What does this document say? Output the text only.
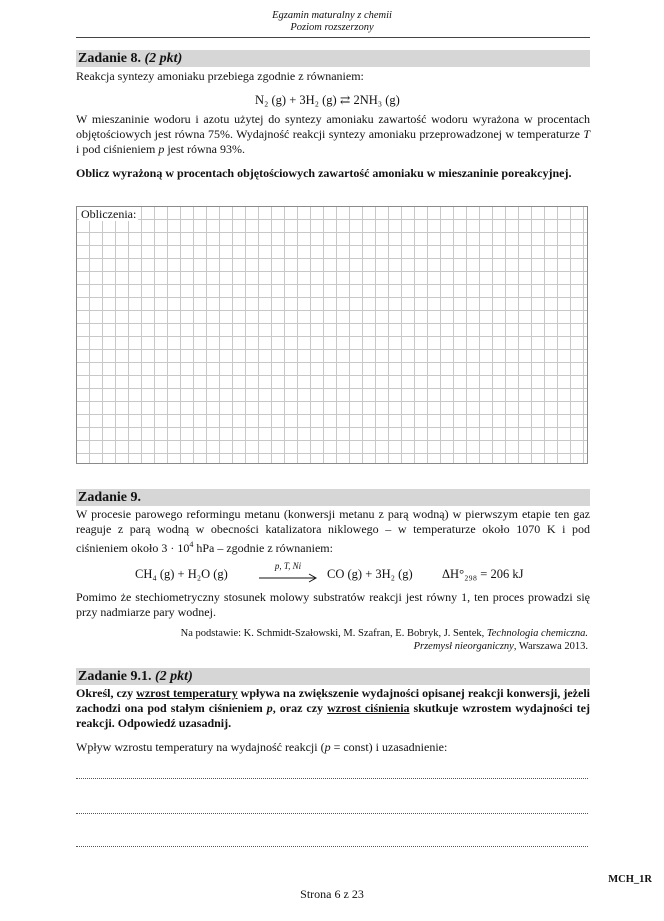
Egzamin maturalny z chemii
Poziom rozszerzony
Zadanie 8. (2 pkt)
Reakcja syntezy amoniaku przebiega zgodnie z równaniem:
N₂ (g) + 3H₂ (g) ⇄ 2NH₃ (g)
W mieszaninie wodoru i azotu użytej do syntezy amoniaku zawartość wodoru wyrażona w procentach objętościowych jest równa 75%. Wydajność reakcji syntezy amoniaku przeprowadzonej w temperaturze T i pod ciśnieniem p jest równa 93%.
Oblicz wyrażoną w procentach objętościowych zawartość amoniaku w mieszaninie poreakcyjnej.
Obliczenia:
Zadanie 9.
W procesie parowego reformingu metanu (konwersji metanu z parą wodną) w pierwszym etapie ten gaz reaguje z parą wodną w obecności katalizatora niklowego – w temperaturze około 1070 K i pod ciśnieniem około $3 \cdot 10^4$ hPa – zgodnie z równaniem:
CH₄ (g) + H₂O (g)
p, T, Ni
CO (g) + 3H₂ (g) ΔH°₂₉₈ = 206 kJ
Pomimo że stechiometryczny stosunek molowy substratów reakcji jest równy 1, ten proces prowadzi się przy nadmiarze pary wodnej.
Na podstawie: K. Schmidt-Szałowski, M. Szafran, E. Bobryk, J. Sentek, Technologia chemiczna.
Przemysł nieorganiczny, Warszawa 2013.
Zadanie 9.1. (2 pkt)
Określ, czy wzrost temperatury wpływa na zwiększenie wydajności opisanej reakcji konwersji, jeżeli zachodzi ona pod stałym ciśnieniem p, oraz czy wzrost ciśnienia skutkuje wzrostem wydajności tej reakcji. Odpowiedź uzasadnij.
Wpływ wzrostu temperatury na wydajność reakcji (p = const) i uzasadnienie:
MCH_1R
Strona 6 z 23
